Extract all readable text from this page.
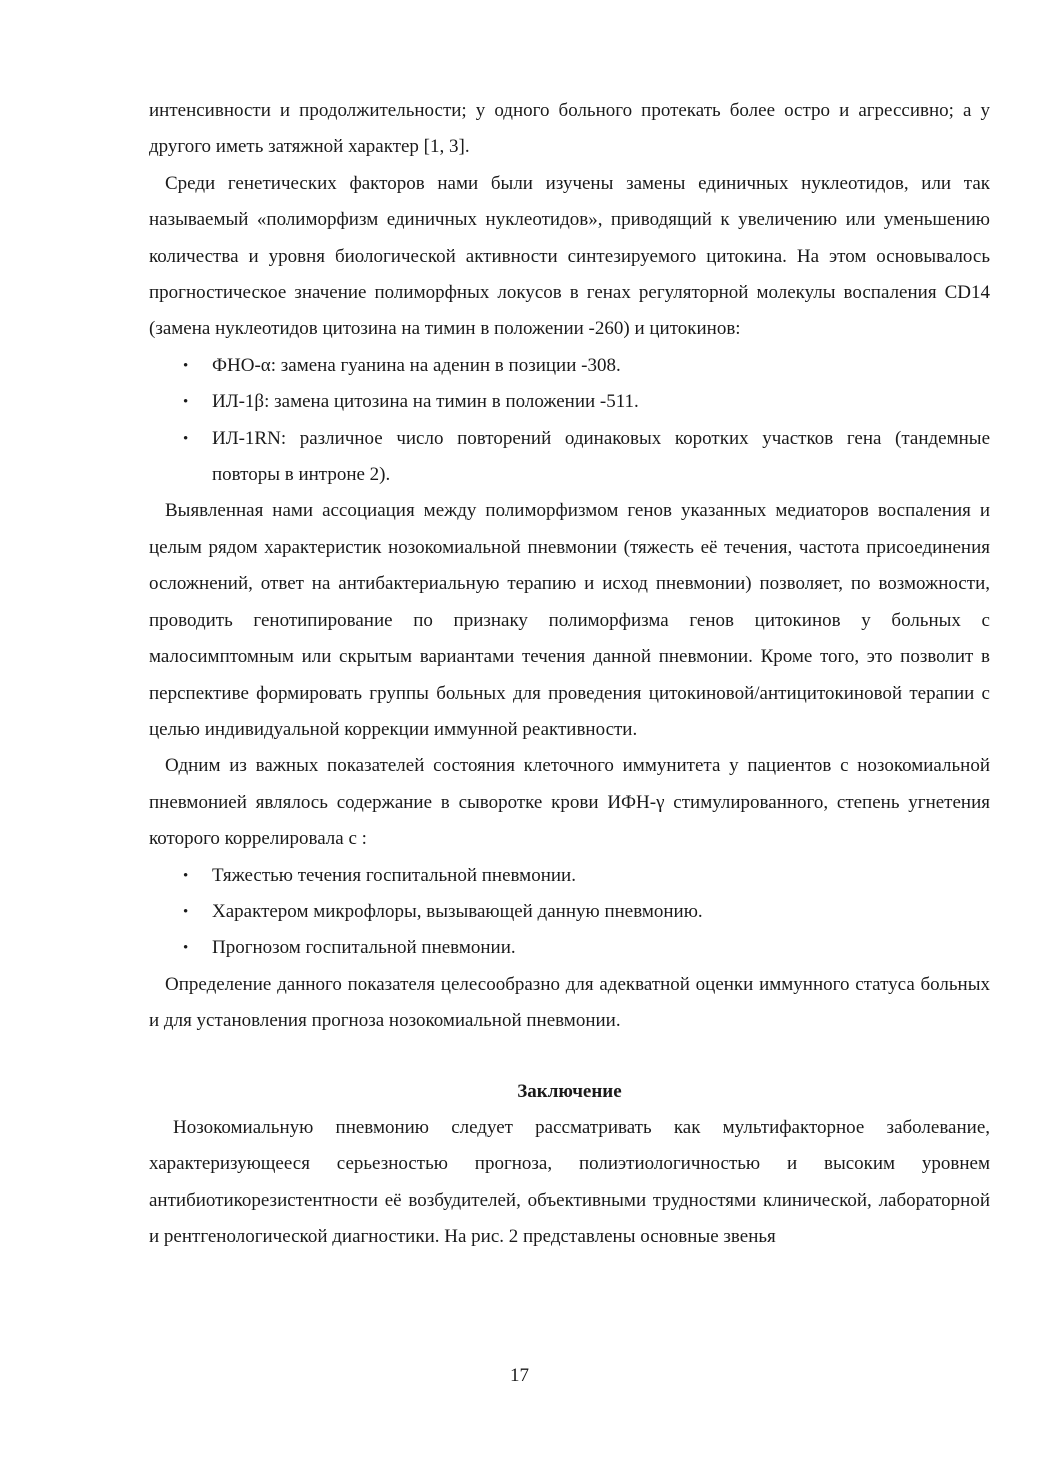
интенсивности и продолжительности; у одного больного протекать более остро и агрессивно; а у другого иметь затяжной характер [1, 3].

Среди генетических факторов нами были изучены замены единичных нуклеотидов, или так называемый «полиморфизм единичных нуклеотидов», приводящий к увеличению или уменьшению количества и уровня биологической активности синтезируемого цитокина. На этом основывалось прогностическое значение полиморфных локусов в генах регуляторной молекулы воспаления CD14 (замена нуклеотидов цитозина на тимин в положении -260) и цитокинов:

• ФНО-α: замена гуанина на аденин в позиции -308.
• ИЛ-1β: замена цитозина на тимин в положении -511.
• ИЛ-1RN: различное число повторений одинаковых коротких участков гена (тандемные повторы в интроне 2).

Выявленная нами ассоциация между полиморфизмом генов указанных медиаторов воспаления и целым рядом характеристик нозокомиальной пневмонии (тяжесть её течения, частота присоединения осложнений, ответ на антибактериальную терапию и исход пневмонии) позволяет, по возможности, проводить генотипирование по признаку полиморфизма генов цитокинов у больных с малосимптомным или скрытым вариантами течения данной пневмонии. Кроме того, это позволит в перспективе формировать группы больных для проведения цитокиновой/антицитокиновой терапии с целью индивидуальной коррекции иммунной реактивности.

Одним из важных показателей состояния клеточного иммунитета у пациентов с нозокомиальной пневмонией являлось содержание в сыворотке крови ИФН-γ стимулированного, степень угнетения которого коррелировала с :

• Тяжестью течения госпитальной пневмонии.
• Характером микрофлоры, вызывающей данную пневмонию.
• Прогнозом госпитальной пневмонии.

Определение данного показателя целесообразно для адекватной оценки иммунного статуса больных и для установления прогноза нозокомиальной пневмонии.

Заключение

Нозокомиальную пневмонию следует рассматривать как мультифакторное заболевание, характеризующееся серьезностью прогноза, полиэтиологичностью и высоким уровнем антибиотикорезистентности её возбудителей, объективными трудностями клинической, лабораторной и рентгенологической диагностики. На рис. 2 представлены основные звенья

17
